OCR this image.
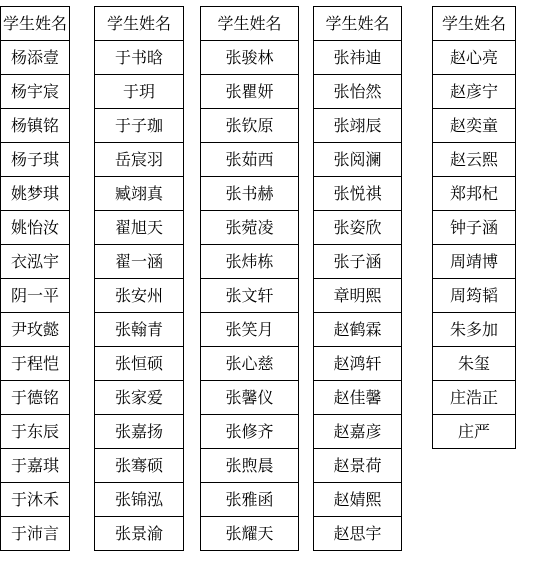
学生姓名
杨添壹
杨宇宸
杨镇铭
杨子琪
姚梦琪
姚怡汝
衣泓宇
阴一平
尹玫懿
于程恺
于德铭
于东辰
于嘉琪
于沐禾
于沛言
学生姓名
于书晗
于玥
于子珈
岳宸羽
臧翊真
翟旭天
翟一涵
张安州
张翰青
张恒硕
张家爱
张嘉扬
张骞硕
张锦泓
张景渝
学生姓名
张骏林
张瞿妍
张钦原
张茹西
张书赫
张菀凌
张炜栋
张文轩
张笑月
张心慈
张馨仪
张修齐
张煦晨
张雅函
张耀天
学生姓名
张祎迪
张怡然
张翊辰
张阅澜
张悦祺
张姿欣
张子涵
章明熙
赵鹤霖
赵鸿轩
赵佳馨
赵嘉彦
赵景荷
赵婧熙
赵思宇
学生姓名
赵心亮
赵彦宁
赵奕童
赵云熙
郑邦杞
钟子涵
周靖博
周筠韬
朱多加
朱玺
庄浩正
庄严
